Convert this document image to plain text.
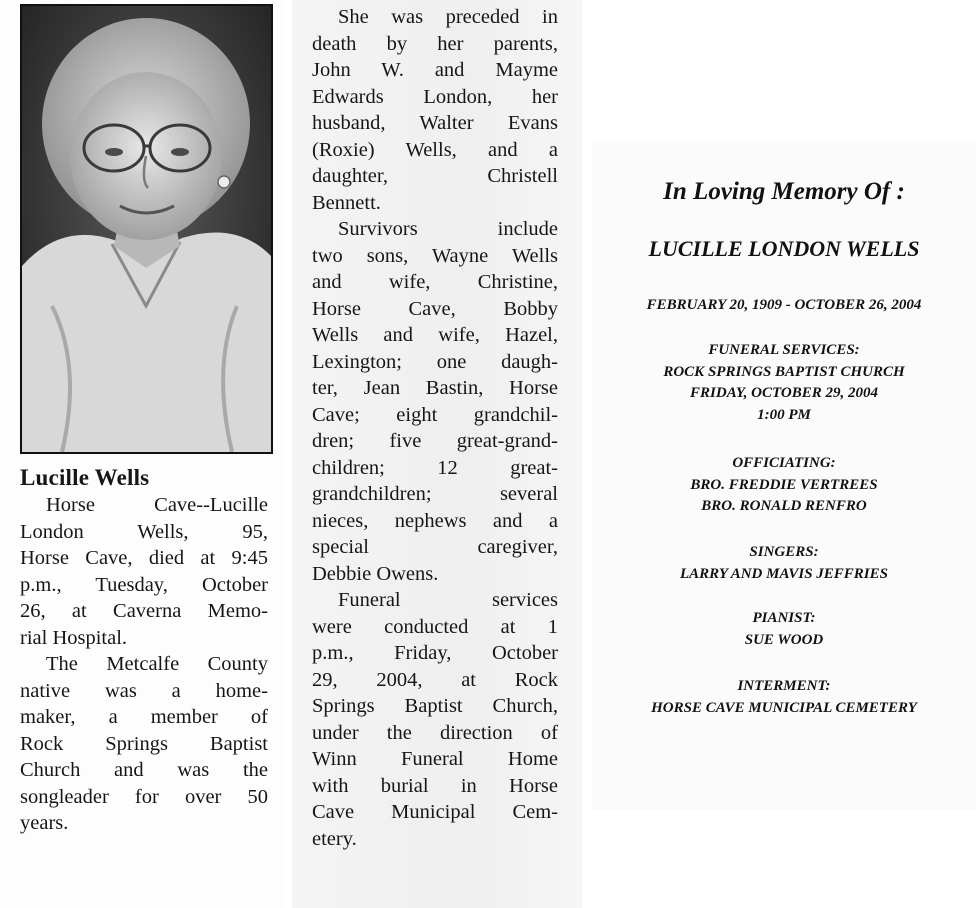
Lucille Wells
Horse Cave--Lucille
London Wells, 95,
Horse Cave, died at 9:45
p.m., Tuesday, October
26, at Caverna Memo-
rial Hospital.
The Metcalfe County
native was a home-
maker, a member of
Rock Springs Baptist
Church and was the
songleader for over 50
years.
She was preceded in
death by her parents,
John W. and Mayme
Edwards London, her
husband, Walter Evans
(Roxie) Wells, and a
daughter, Christell
Bennett.
Survivors include
two sons, Wayne Wells
and wife, Christine,
Horse Cave, Bobby
Wells and wife, Hazel,
Lexington; one daugh-
ter, Jean Bastin, Horse
Cave; eight grandchil-
dren; five great-grand-
children; 12 great-
grandchildren; several
nieces, nephews and a
special caregiver,
Debbie Owens.
Funeral services
were conducted at 1
p.m., Friday, October
29, 2004, at Rock
Springs Baptist Church,
under the direction of
Winn Funeral Home
with burial in Horse
Cave Municipal Cem-
etery.
In Loving Memory Of :
LUCILLE LONDON WELLS
FEBRUARY 20, 1909 - OCTOBER 26, 2004
FUNERAL SERVICES:
ROCK SPRINGS BAPTIST CHURCH
FRIDAY, OCTOBER 29, 2004
1:00 PM
OFFICIATING:
BRO. FREDDIE VERTREES
BRO. RONALD RENFRO
SINGERS:
LARRY AND MAVIS JEFFRIES
PIANIST:
SUE WOOD
INTERMENT:
HORSE CAVE MUNICIPAL CEMETERY
